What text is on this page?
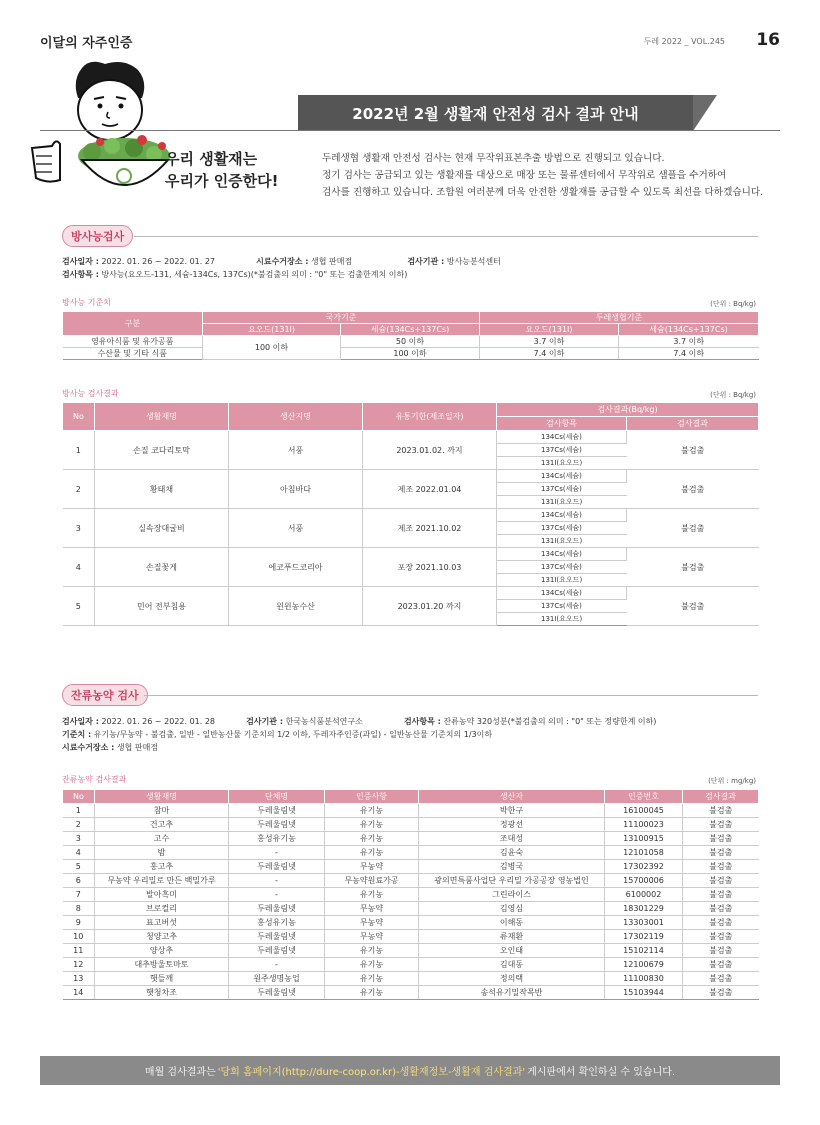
이달의 자주인증	두레 2022 _ VOL.245 16
우리 생활재는
우리가 인증한다!
2022년 2월 생활재 안전성 검사 결과 안내
두레생협 생활재 안전성 검사는 현재 무작위표본추출 방법으로 진행되고 있습니다.
정기 검사는 공급되고 있는 생활재를 대상으로 매장 또는 물류센터에서 무작위로 샘플을 수거하여
검사를 진행하고 있습니다. 조합원 여러분께 더욱 안전한 생활재를 공급할 수 있도록 최선을 다하겠습니다.
방사능검사
검사일자 : 2022. 01. 26 ~ 2022. 01. 27	시료수거장소 : 생협 판매점	검사기관 : 방사능분석센터
검사항목 : 방사능(요오드-131, 세슘-134Cs, 137Cs)(*불검출의 의미 : "0" 또는 검출한계치 이하)
방사능 기준치	(단위 : Bq/kg)
구분	국가기준		두레생협기준	
	요오드(131I)	세슘(134Cs+137Cs)	요오드(131I)	세슘(134Cs+137Cs)
영유아식품 및 유가공품	100 이하	50 이하	3.7 이하	3.7 이하
수산물 및 기타 식품		100 이하	7.4 이하	7.4 이하
방사능 검사결과	(단위 : Bq/kg)
No	생활재명	생산지명	유통기한(제조일자)	검사결과(Bq/kg)	
				검사항목	검사결과
1	손질 코다리토막	서풍	2023.01.02. 까지	134Cs(세슘)	불검출
				137Cs(세슘)	
				131I(요오드)	
2	황태채	아침바다	제조 2022.01.04	134Cs(세슘)	불검출
				137Cs(세슘)	
				131I(요오드)	
3	실속장대굴비	서풍	제조 2021.10.02	134Cs(세슘)	불검출
				137Cs(세슘)	
				131I(요오드)	
4	손질꽃게	에코푸드코리아	포장 2021.10.03	134Cs(세슘)	불검출
				137Cs(세슘)	
				131I(요오드)	
5	민어 전부침용	윈윈농수산	2023.01.20 까지	134Cs(세슘)	불검출
				137Cs(세슘)	
				131I(요오드)	
잔류농약 검사
검사일자 : 2022. 01. 26 ~ 2022. 01. 28	검사기관 : 한국농식품분석연구소	검사항목 : 잔류농약 320성분(*불검출의 의미 : "0" 또는 정량한계 이하)
기준치 : 유기농/무농약 - 불검출, 일반 - 일반농산물 기준치의 1/2 이하, 두레자주인증(과일) - 일반농산물 기준치의 1/3이하
시료수거장소 : 생협 판매점
잔류농약 검사결과	(단위 : mg/kg)
No	생활재명	단체명	인증사항	생산자	인증번호	검사결과
1	참마	두레울림넷	유기농	박한구	16100045	불검출
2	건고추	두레울림넷	유기농	정광선	11100023	불검출
3	고수	홍성유기농	유기농	조대성	13100915	불검출
4	밤	-	유기농	김윤숙	12101058	불검출
5	홍고추	두레울림넷	무농약	김병국	17302392	불검출
6	무농약 우리밀로 만든 백밀가루	-	무농약원료가공	광의면특품사업단 우리밀 가공공장 영농법인	15700006	불검출
7	발아흑미	-	유기농	그린라이스	6100002	불검출
8	브로컬리	두레울림넷	무농약	김영심	18301229	불검출
9	표고버섯	홍성유기농	무농약	이해동	13303001	불검출
10	청양고추	두레울림넷	무농약	류재환	17302119	불검출
11	양상추	두레울림넷	유기농	오인태	15102114	불검출
12	대추방울토마토	-	유기농	김대동	12100679	불검출
13	햇들깨	원주생명농업	유기농	정의택	11100830	불검출
14	햇청차조	두레울림넷	유기농	송석유기밀작목반	15103944	불검출
매월 검사결과는 '당회 홈페이지(http://dure-coop.or.kr)-생활재정보-생활재 검사결과' 게시판에서 확인하실 수 있습니다.
